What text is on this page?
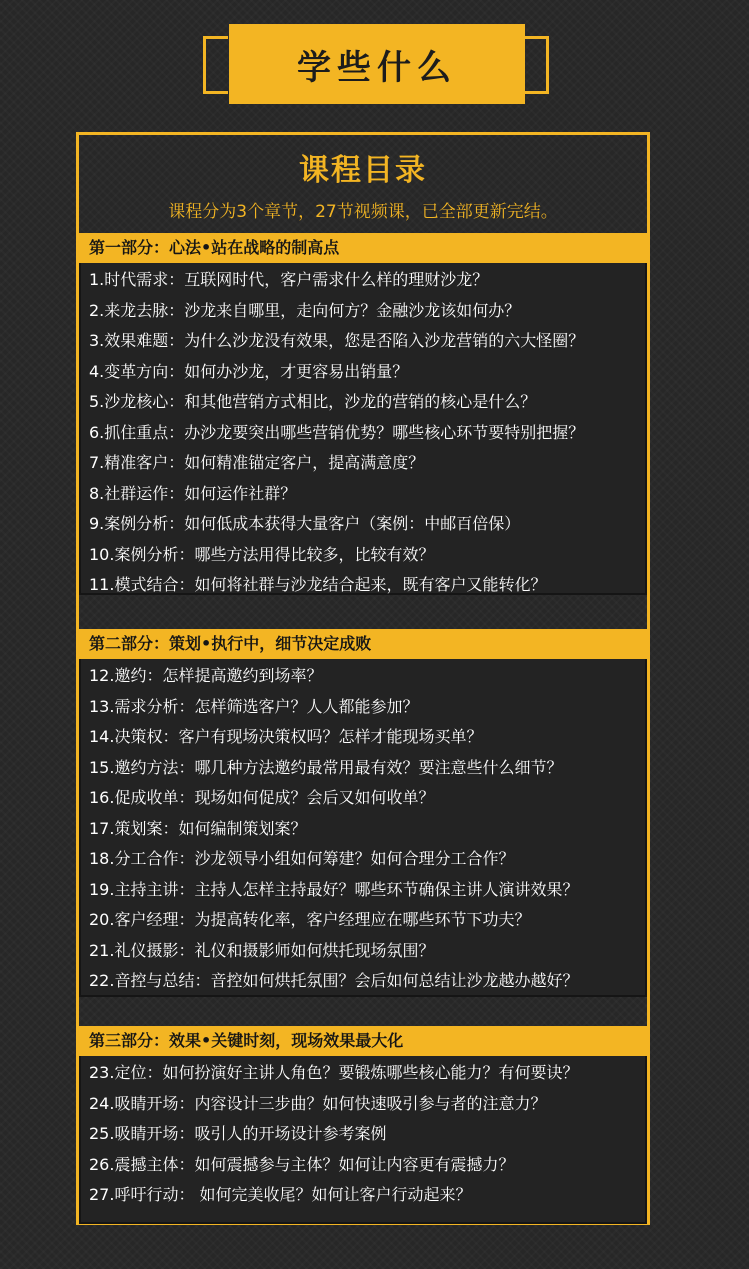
学些什么
课程目录
课程分为3个章节，27节视频课，已全部更新完结。
第一部分：心法•站在战略的制高点
1.时代需求：互联网时代，客户需求什么样的理财沙龙？
2.来龙去脉：沙龙来自哪里，走向何方？金融沙龙该如何办？
3.效果难题：为什么沙龙没有效果，您是否陷入沙龙营销的六大怪圈？
4.变革方向：如何办沙龙，才更容易出销量？
5.沙龙核心：和其他营销方式相比，沙龙的营销的核心是什么？
6.抓住重点：办沙龙要突出哪些营销优势？哪些核心环节要特别把握？
7.精准客户：如何精准锚定客户，提高满意度？
8.社群运作：如何运作社群？
9.案例分析：如何低成本获得大量客户（案例：中邮百倍保）
10.案例分析：哪些方法用得比较多，比较有效？
11.模式结合：如何将社群与沙龙结合起来，既有客户又能转化？
第二部分：策划•执行中，细节决定成败
12.邀约：怎样提高邀约到场率？
13.需求分析：怎样筛选客户？人人都能参加？
14.决策权：客户有现场决策权吗？怎样才能现场买单？
15.邀约方法：哪几种方法邀约最常用最有效？要注意些什么细节？
16.促成收单：现场如何促成？会后又如何收单？
17.策划案：如何编制策划案？
18.分工合作：沙龙领导小组如何筹建？如何合理分工合作？
19.主持主讲：主持人怎样主持最好？哪些环节确保主讲人演讲效果？
20.客户经理：为提高转化率，客户经理应在哪些环节下功夫？
21.礼仪摄影：礼仪和摄影师如何烘托现场氛围？
22.音控与总结：音控如何烘托氛围？会后如何总结让沙龙越办越好？
第三部分：效果•关键时刻，现场效果最大化
23.定位：如何扮演好主讲人角色？要锻炼哪些核心能力？有何要诀？
24.吸睛开场：内容设计三步曲？如何快速吸引参与者的注意力？
25.吸睛开场：吸引人的开场设计参考案例
26.震撼主体：如何震撼参与主体？如何让内容更有震撼力？
27.呼吁行动： 如何完美收尾？如何让客户行动起来？
